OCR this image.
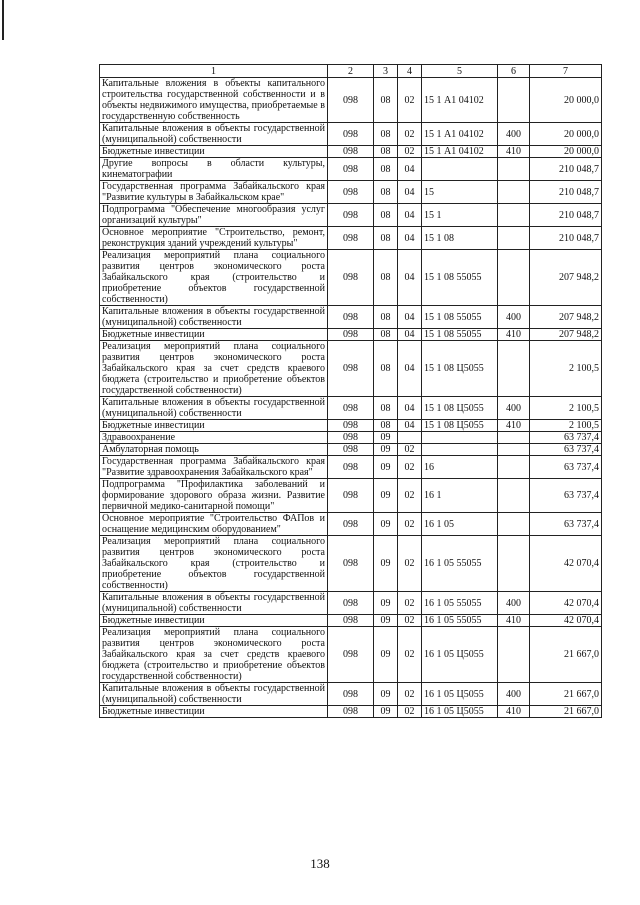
1	2	3	4	5	6	7
Капитальные вложения в объекты капитального строительства государственной собственности и в объекты недвижимого имущества, приобретаемые в государственную собственность	098	08	02	15 1 А1 04102		20 000,0
Капитальные вложения в объекты государственной (муниципальной) собственности	098	08	02	15 1 А1 04102	400	20 000,0
Бюджетные инвестиции	098	08	02	15 1 А1 04102	410	20 000,0
Другие вопросы в области культуры, кинематографии	098	08	04			210 048,7
Государственная программа Забайкальского края "Развитие культуры в Забайкальском крае"	098	08	04	15		210 048,7
Подпрограмма "Обеспечение многообразия услуг организаций культуры"	098	08	04	15 1		210 048,7
Основное мероприятие "Строительство, ремонт, реконструкция зданий учреждений культуры"	098	08	04	15 1 08		210 048,7
Реализация мероприятий плана социального развития центров экономического роста Забайкальского края (строительство и приобретение объектов государственной собственности)	098	08	04	15 1 08 55055		207 948,2
Капитальные вложения в объекты государственной (муниципальной) собственности	098	08	04	15 1 08 55055	400	207 948,2
Бюджетные инвестиции	098	08	04	15 1 08 55055	410	207 948,2
Реализация мероприятий плана социального развития центров экономического роста Забайкальского края за счет средств краевого бюджета (строительство и приобретение объектов государственной собственности)	098	08	04	15 1 08 Ц5055		2 100,5
Капитальные вложения в объекты государственной (муниципальной) собственности	098	08	04	15 1 08 Ц5055	400	2 100,5
Бюджетные инвестиции	098	08	04	15 1 08 Ц5055	410	2 100,5
Здравоохранение	098	09				63 737,4
Амбулаторная помощь	098	09	02			63 737,4
Государственная программа Забайкальского края "Развитие здравоохранения Забайкальского края"	098	09	02	16		63 737,4
Подпрограмма "Профилактика заболеваний и формирование здорового образа жизни. Развитие первичной медико-санитарной помощи"	098	09	02	16 1		63 737,4
Основное мероприятие "Строительство ФАПов и оснащение медицинским оборудованием"	098	09	02	16 1 05		63 737,4
Реализация мероприятий плана социального развития центров экономического роста Забайкальского края (строительство и приобретение объектов государственной собственности)	098	09	02	16 1 05 55055		42 070,4
Капитальные вложения в объекты государственной (муниципальной) собственности	098	09	02	16 1 05 55055	400	42 070,4
Бюджетные инвестиции	098	09	02	16 1 05 55055	410	42 070,4
Реализация мероприятий плана социального развития центров экономического роста Забайкальского края за счет средств краевого бюджета (строительство и приобретение объектов государственной собственности)	098	09	02	16 1 05 Ц5055		21 667,0
Капитальные вложения в объекты государственной (муниципальной) собственности	098	09	02	16 1 05 Ц5055	400	21 667,0
Бюджетные инвестиции	098	09	02	16 1 05 Ц5055	410	21 667,0
138
